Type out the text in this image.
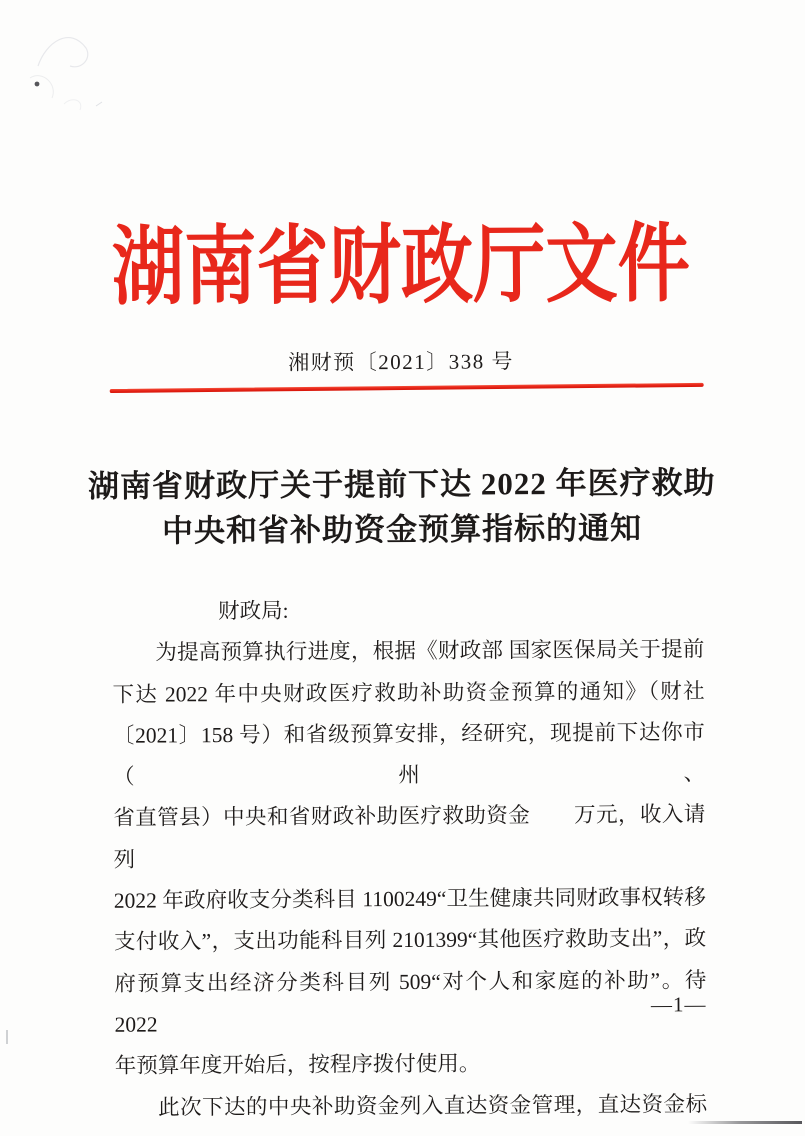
湖南省财政厅文件
湘财预〔2021〕338 号
湖南省财政厅关于提前下达 2022 年医疗救助
中央和省补助资金预算指标的通知
财政局:
为提高预算执行进度，根据《财政部 国家医保局关于提前
下达 2022 年中央财政医疗救助补助资金预算的通知》（财社
〔2021〕158 号）和省级预算安排，经研究，现提前下达你市（州、
省直管县）中央和省财政补助医疗救助资金　　万元，收入请列
2022 年政府收支分类科目 1100249“卫生健康共同财政事权转移
支付收入”，支出功能科目列 2101399“其他医疗救助支出”，政
府预算支出经济分类科目列 509“对个人和家庭的补助”。待 2022
年预算年度开始后，按程序拨付使用。
此次下达的中央补助资金列入直达资金管理，直达资金标
—1—
